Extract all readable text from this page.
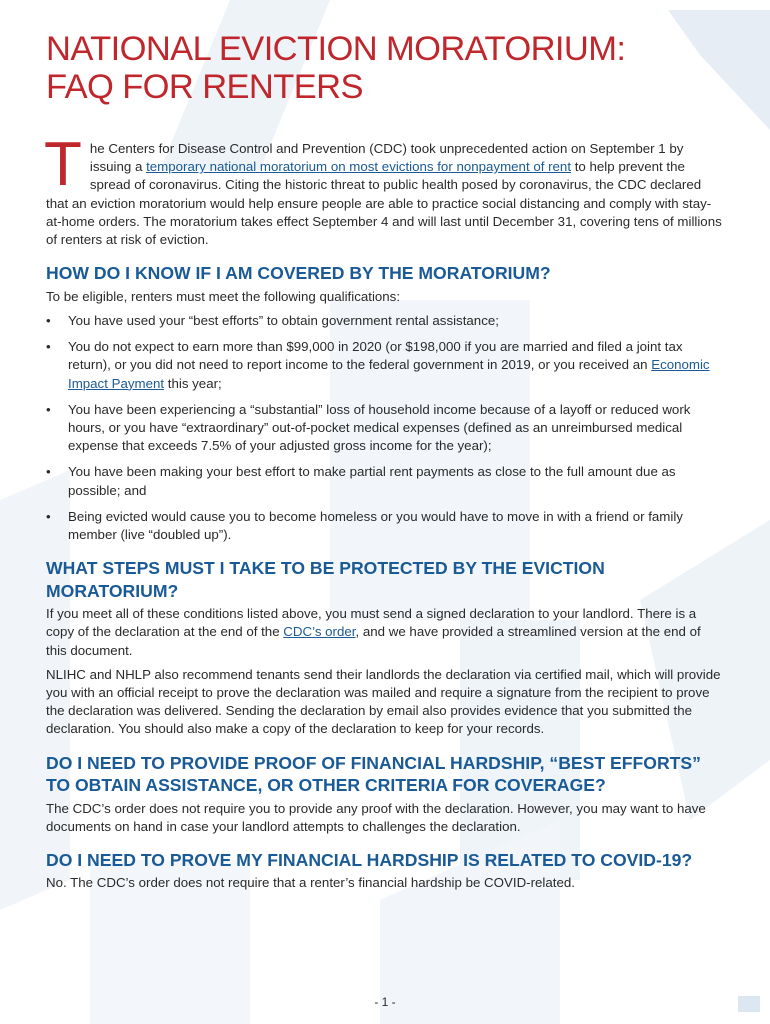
NATIONAL EVICTION MORATORIUM:
FAQ FOR RENTERS
The Centers for Disease Control and Prevention (CDC) took unprecedented action on September 1 by issuing a temporary national moratorium on most evictions for nonpayment of rent to help prevent the spread of coronavirus. Citing the historic threat to public health posed by coronavirus, the CDC declared that an eviction moratorium would help ensure people are able to practice social distancing and comply with stay-at-home orders. The moratorium takes effect September 4 and will last until December 31, covering tens of millions of renters at risk of eviction.
HOW DO I KNOW IF I AM COVERED BY THE MORATORIUM?

To be eligible, renters must meet the following qualifications:

• You have used your “best efforts” to obtain government rental assistance;
• You do not expect to earn more than $99,000 in 2020 (or $198,000 if you are married and filed a joint tax return), or you did not need to report income to the federal government in 2019, or you received an Economic Impact Payment this year;
• You have been experiencing a “substantial” loss of household income because of a layoff or reduced work hours, or you have “extraordinary” out-of-pocket medical expenses (defined as an unreimbursed medical expense that exceeds 7.5% of your adjusted gross income for the year);
• You have been making your best effort to make partial rent payments as close to the full amount due as possible; and
• Being evicted would cause you to become homeless or you would have to move in with a friend or family member (live “doubled up”).
WHAT STEPS MUST I TAKE TO BE PROTECTED BY THE EVICTION MORATORIUM?

If you meet all of these conditions listed above, you must send a signed declaration to your landlord. There is a copy of the declaration at the end of the CDC’s order, and we have provided a streamlined version at the end of this document.

NLIHC and NHLP also recommend tenants send their landlords the declaration via certified mail, which will provide you with an official receipt to prove the declaration was mailed and require a signature from the recipient to prove the declaration was delivered. Sending the declaration by email also provides evidence that you submitted the declaration. You should also make a copy of the declaration to keep for your records.

DO I NEED TO PROVIDE PROOF OF FINANCIAL HARDSHIP, “BEST EFFORTS” TO OBTAIN ASSISTANCE, OR OTHER CRITERIA FOR COVERAGE?

The CDC’s order does not require you to provide any proof with the declaration. However, you may want to have documents on hand in case your landlord attempts to challenges the declaration.

DO I NEED TO PROVE MY FINANCIAL HARDSHIP IS RELATED TO COVID-19?

No. The CDC’s order does not require that a renter’s financial hardship be COVID-related.

- 1 -
